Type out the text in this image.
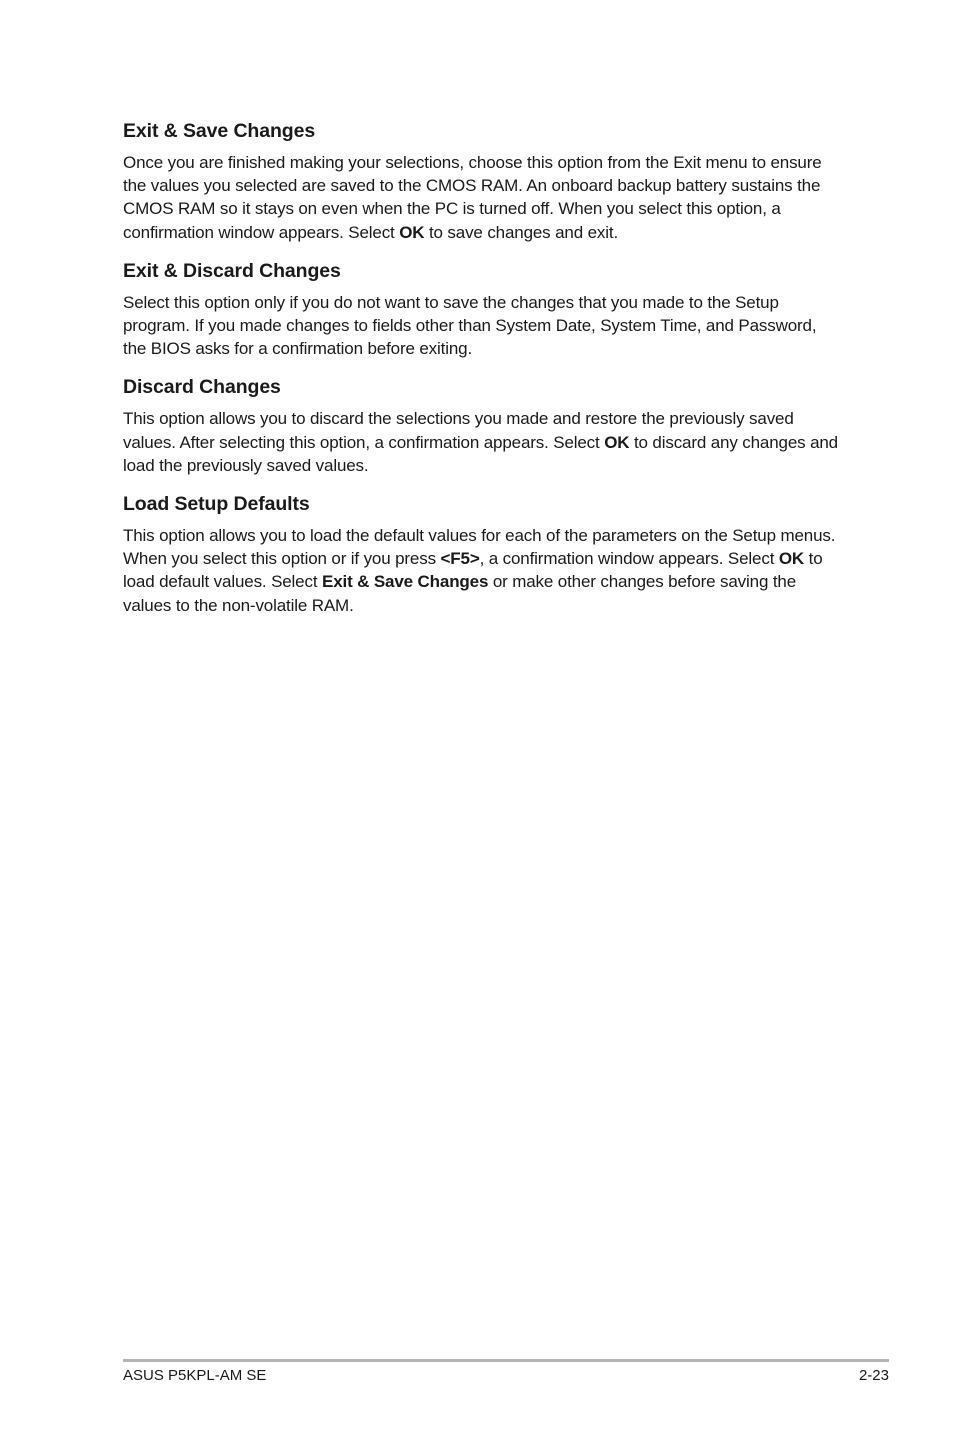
Exit & Save Changes

Once you are finished making your selections, choose this option from the Exit menu to ensure the values you selected are saved to the CMOS RAM. An onboard backup battery sustains the CMOS RAM so it stays on even when the PC is turned off. When you select this option, a confirmation window appears. Select OK to save changes and exit.

Exit & Discard Changes

Select this option only if you do not want to save the changes that you made to the Setup program. If you made changes to fields other than System Date, System Time, and Password, the BIOS asks for a confirmation before exiting.

Discard Changes

This option allows you to discard the selections you made and restore the previously saved values. After selecting this option, a confirmation appears. Select OK to discard any changes and load the previously saved values.

Load Setup Defaults

This option allows you to load the default values for each of the parameters on the Setup menus. When you select this option or if you press <F5>, a confirmation window appears. Select OK to load default values. Select Exit & Save Changes or make other changes before saving the values to the non-volatile RAM.

ASUS P5KPL-AM SE	2-23
